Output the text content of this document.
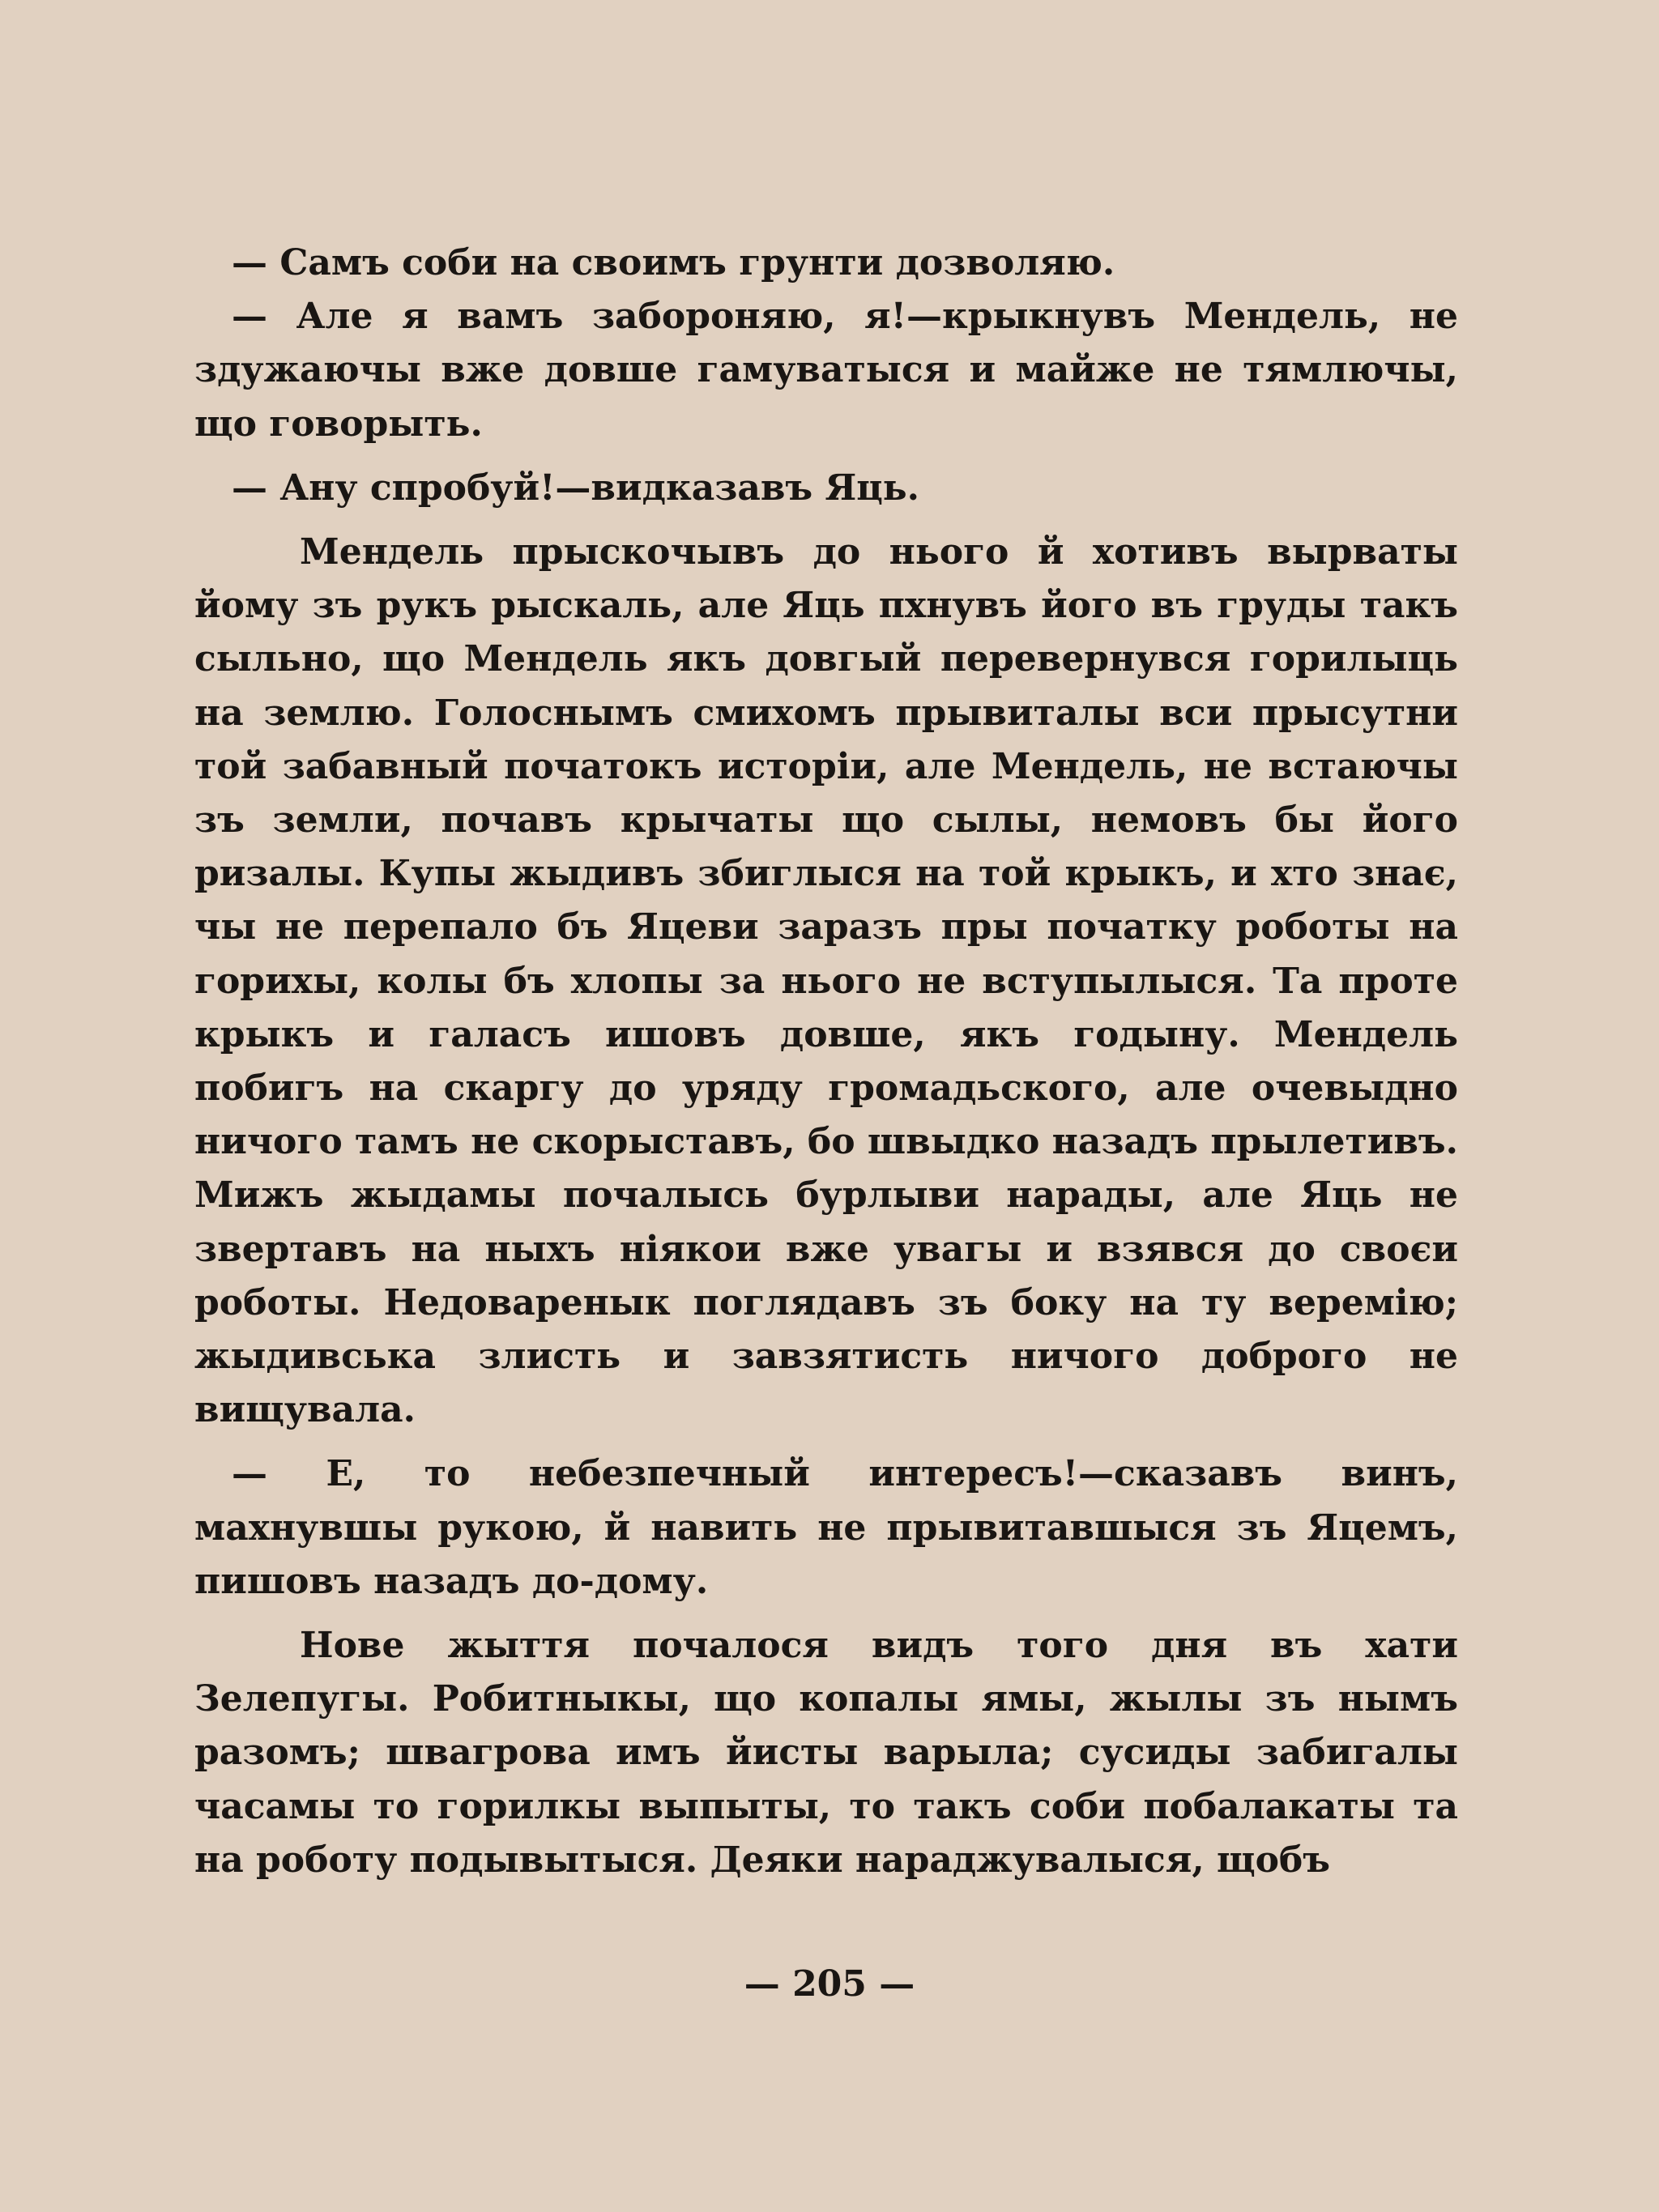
— Самъ соби на своимъ грунти дозволяю.

— Але я вамъ забороняю, я!—крыкнувъ Мендель, не здужаючы вже довше гамуватыся и майже не тямлючы, що говорыть.

— Ану спробуй!—видказавъ Яць.

Мендель прыскочывъ до нього й хотивъ вырваты йому зъ рукъ рыскаль, але Яць пхнувъ його въ груды такъ сыльно, що Мендель якъ довгый перевернувся горилыць на землю. Голоснымъ смихомъ прывиталы вси прысутни той забавный початокъ исторіи, але Мендель, не встаючы зъ земли, почавъ крычаты що сылы, немовъ бы його ризалы. Купы жыдивъ збиглыся на той крыкъ, и хто знає, чы не перепало бъ Яцеви заразъ пры початку роботы на горихы, колы бъ хлопы за нього не вступылыся. Та проте крыкъ и галасъ ишовъ довше, якъ годыну. Мендель побигъ на скаргу до уряду громадьского, але очевыдно ничого тамъ не скорыставъ, бо швыдко назадъ прылетивъ. Мижъ жыдамы почалысь бурлыви нарады, але Яць не звертавъ на ныхъ ніякои вже увагы и взявся до своєи роботы. Недоваренык поглядавъ зъ боку на ту веремію; жыдивська злисть и завзятисть ничого доброго не вищувала.

— Е, то небезпечный интересъ!—сказавъ винъ, махнувшы рукою, й навить не прывитавшыся зъ Яцемъ, пишовъ назадъ до-дому.

Нове жыття почалося видъ того дня въ хати Зелепугы. Робитныкы, що копалы ямы, жылы зъ нымъ разомъ; швагрова имъ йисты варыла; сусиды забигалы часамы то горилкы выпыты, то такъ соби побалакаты та на роботу подывытыся. Деяки нараджувалыся, щобъ

— 205 —
